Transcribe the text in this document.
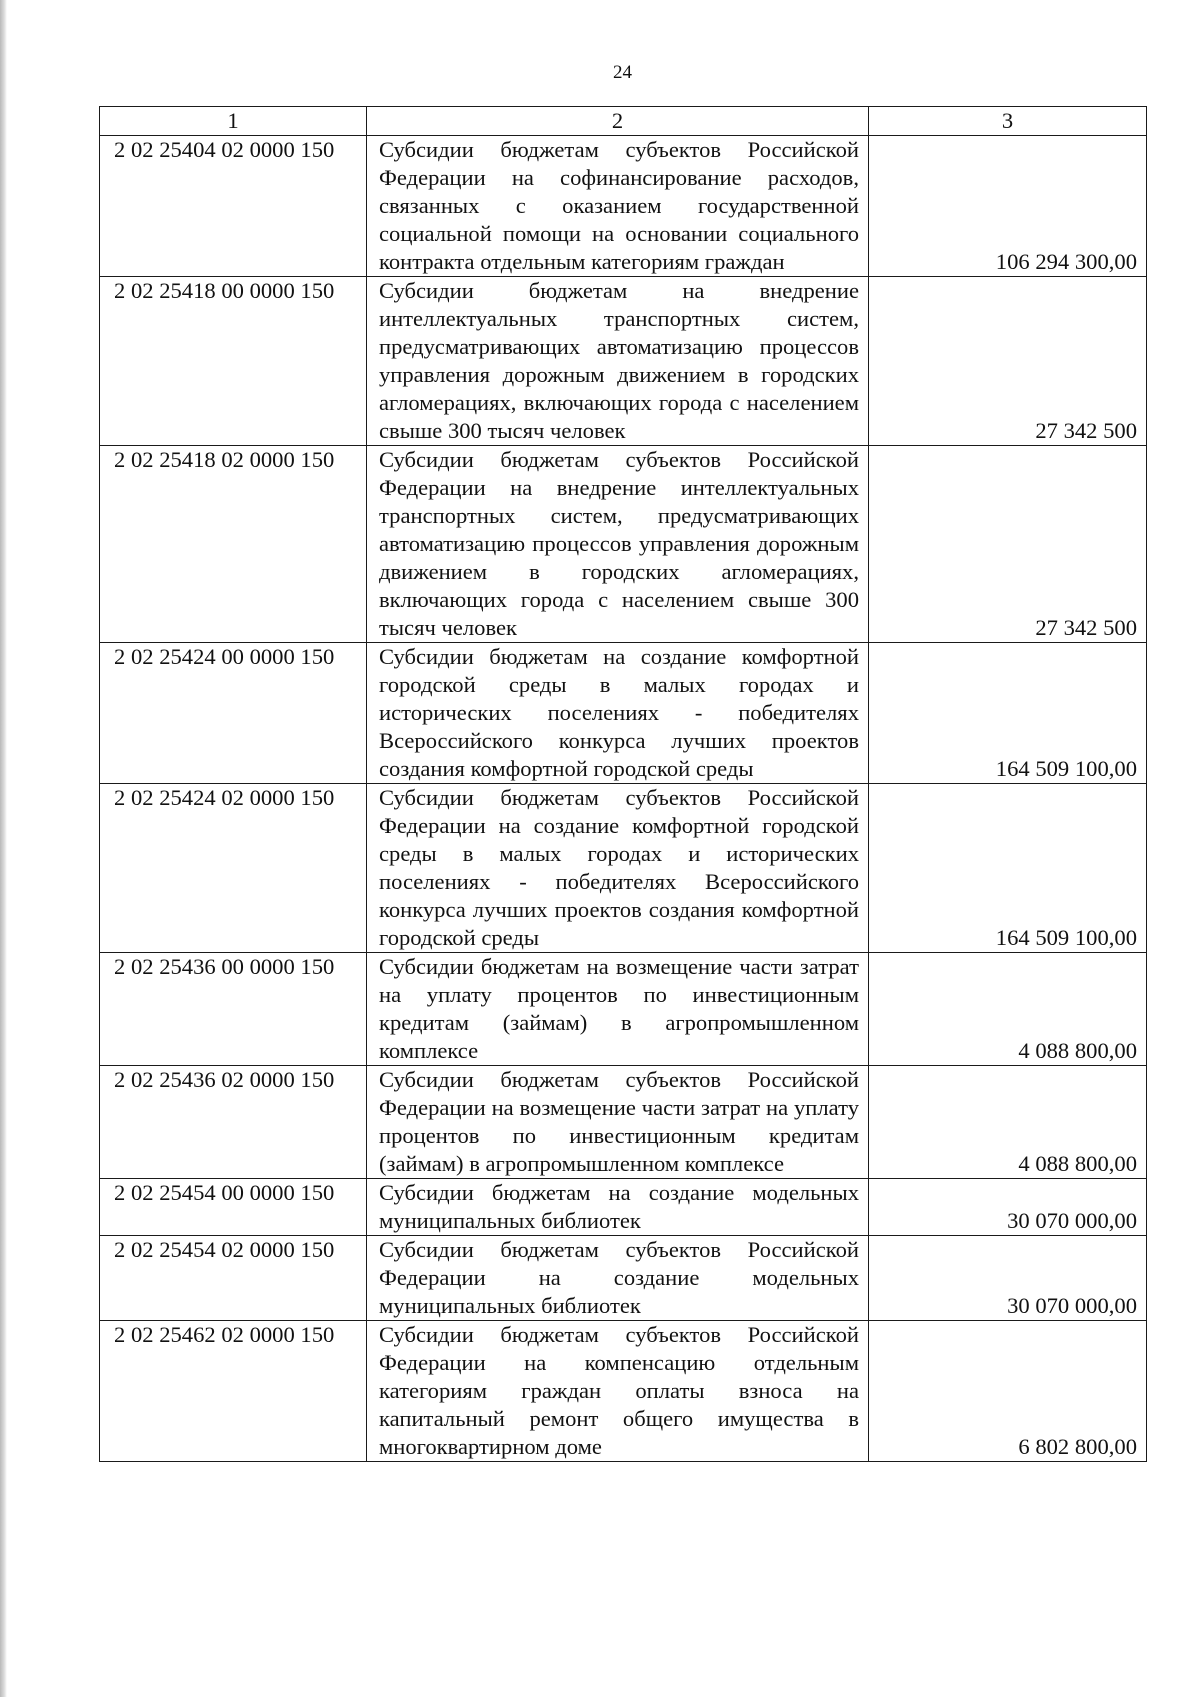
24
1	2	3
2 02 25404 02 0000 150	Субсидии бюджетам субъектов Российской Федерации на софинансирование расходов, связанных с оказанием государственной социальной помощи на основании социального контракта отдельным категориям граждан	106 294 300,00
2 02 25418 00 0000 150	Субсидии бюджетам на внедрение интеллектуальных транспортных систем, предусматривающих автоматизацию процессов управления дорожным движением в городских агломерациях, включающих города с населением свыше 300 тысяч человек	27 342 500
2 02 25418 02 0000 150	Субсидии бюджетам субъектов Российской Федерации на внедрение интеллектуальных транспортных систем, предусматривающих автоматизацию процессов управления дорожным движением в городских агломерациях, включающих города с населением свыше 300 тысяч человек	27 342 500
2 02 25424 00 0000 150	Субсидии бюджетам на создание комфортной городской среды в малых городах и исторических поселениях - победителях Всероссийского конкурса лучших проектов создания комфортной городской среды	164 509 100,00
2 02 25424 02 0000 150	Субсидии бюджетам субъектов Российской Федерации на создание комфортной городской среды в малых городах и исторических поселениях - победителях Всероссийского конкурса лучших проектов создания комфортной городской среды	164 509 100,00
2 02 25436 00 0000 150	Субсидии бюджетам на возмещение части затрат на уплату процентов по инвестиционным кредитам (займам) в агропромышленном комплексе	4 088 800,00
2 02 25436 02 0000 150	Субсидии бюджетам субъектов Российской Федерации на возмещение части затрат на уплату процентов по инвестиционным кредитам (займам) в агропромышленном комплексе	4 088 800,00
2 02 25454 00 0000 150	Субсидии бюджетам на создание модельных муниципальных библиотек	30 070 000,00
2 02 25454 02 0000 150	Субсидии бюджетам субъектов Российской Федерации на создание модельных муниципальных библиотек	30 070 000,00
2 02 25462 02 0000 150	Субсидии бюджетам субъектов Российской Федерации на компенсацию отдельным категориям граждан оплаты взноса на капитальный ремонт общего имущества в многоквартирном доме	6 802 800,00
